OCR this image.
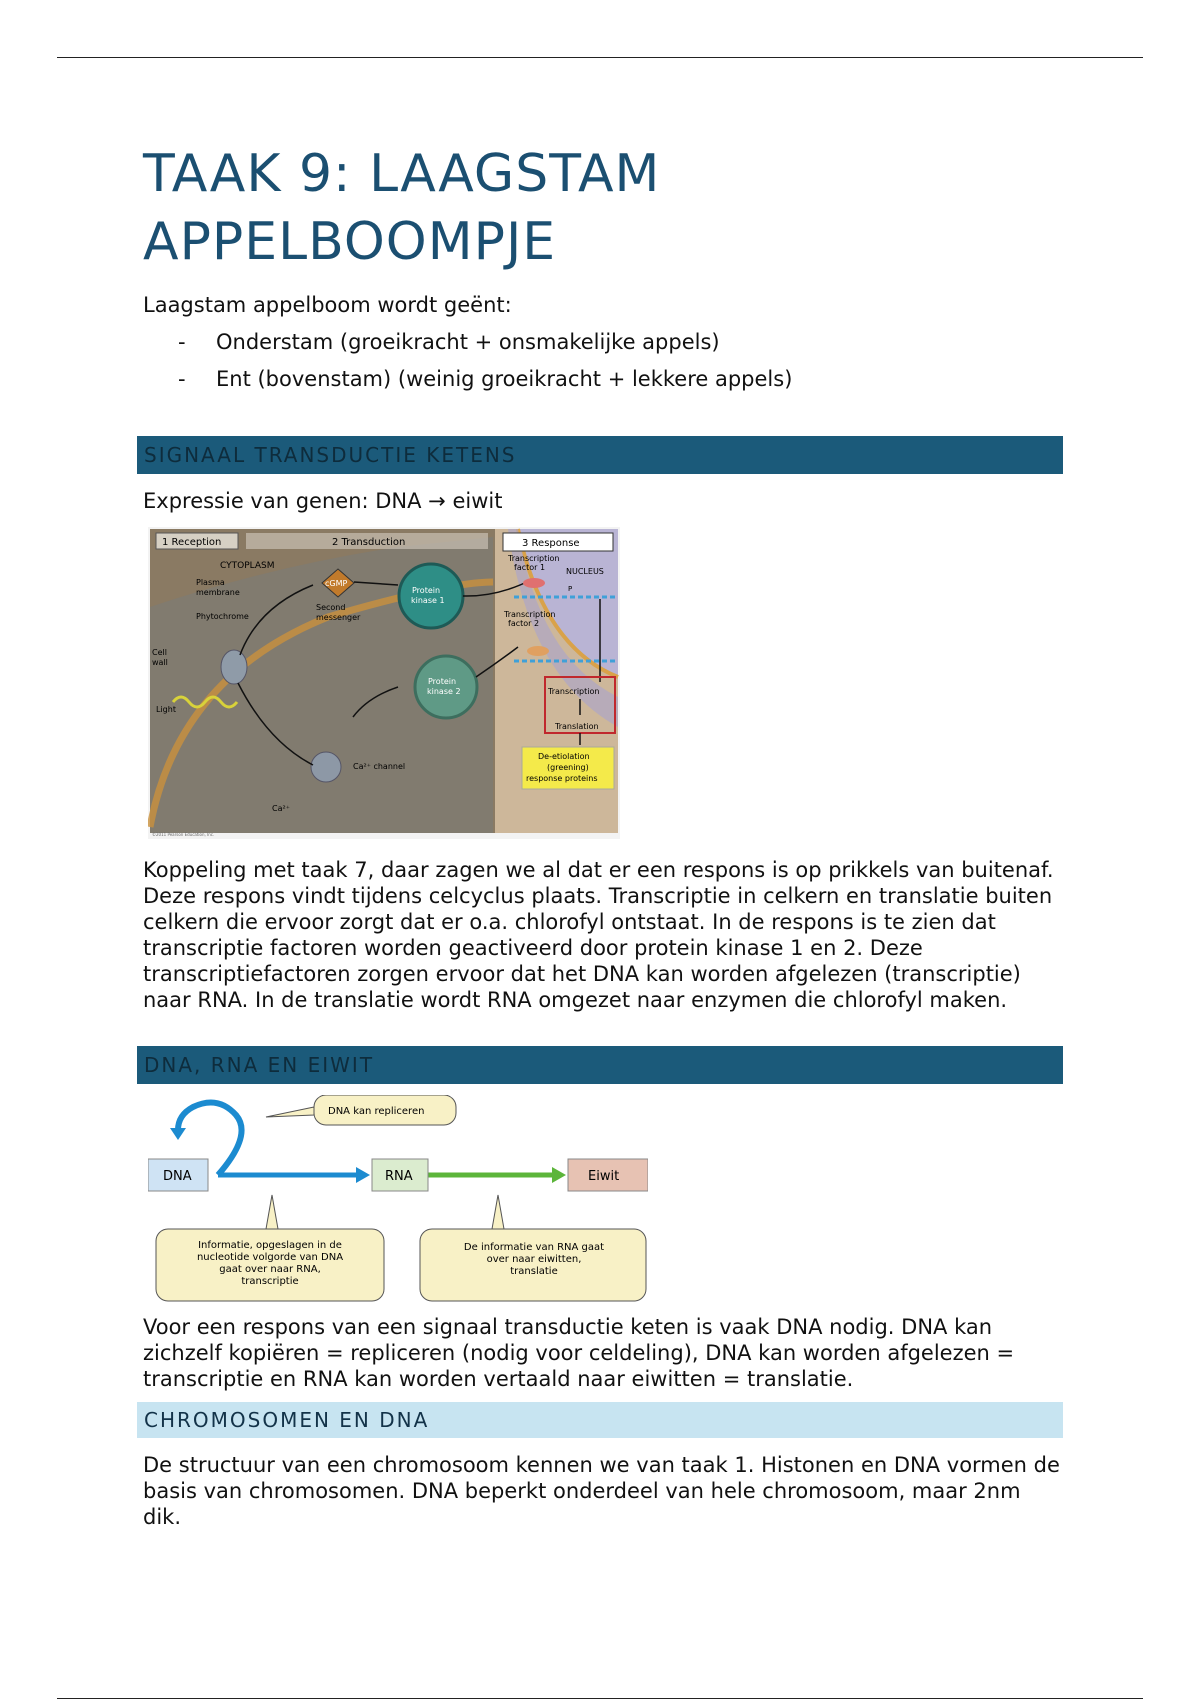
TAAK 9: LAAGSTAM
APPELBOOMPJE

Laagstam appelboom wordt geënt:

- Onderstam (groeikracht + onsmakelijke appels)
- Ent (bovenstam) (weinig groeikracht + lekkere appels)
SIGNAAL TRANSDUCTIE KETENS

Expressie van genen: DNA → eiwit

1 Reception	2 Transduction	3 Response
CYTOPLASM
Plasma
membrane
Phytochrome
Cell
wall
Light
cGMP
Second
messenger
Protein
kinase 1
Protein
kinase 2
Ca²⁺ channel
Ca²⁺
Transcription
factor 1	NUCLEUS
P
Transcription
factor 2
Transcription
Translation
De-etiolation
(greening)
response proteins
©2011 Pearson Education, Inc.

Koppeling met taak 7, daar zagen we al dat er een respons is op prikkels van buitenaf. Deze respons vindt tijdens celcyclus plaats. Transcriptie in celkern en translatie buiten celkern die ervoor zorgt dat er o.a. chlorofyl ontstaat. In de respons is te zien dat transcriptie factoren worden geactiveerd door protein kinase 1 en 2. Deze transcriptiefactoren zorgen ervoor dat het DNA kan worden afgelezen (transcriptie) naar RNA. In de translatie wordt RNA omgezet naar enzymen die chlorofyl maken.

DNA, RNA EN EIWIT
DNA	RNA	Eiwit
DNA kan repliceren
Informatie, opgeslagen in de
nucleotide volgorde van DNA
gaat over naar RNA,
transcriptie
De informatie van RNA gaat
over naar eiwitten,
translatie

Voor een respons van een signaal transductie keten is vaak DNA nodig. DNA kan zichzelf kopiëren = repliceren (nodig voor celdeling), DNA kan worden afgelezen = transcriptie en RNA kan worden vertaald naar eiwitten = translatie.

CHROMOSOMEN EN DNA

De structuur van een chromosoom kennen we van taak 1. Histonen en DNA vormen de basis van chromosomen. DNA beperkt onderdeel van hele chromosoom, maar 2nm dik.
